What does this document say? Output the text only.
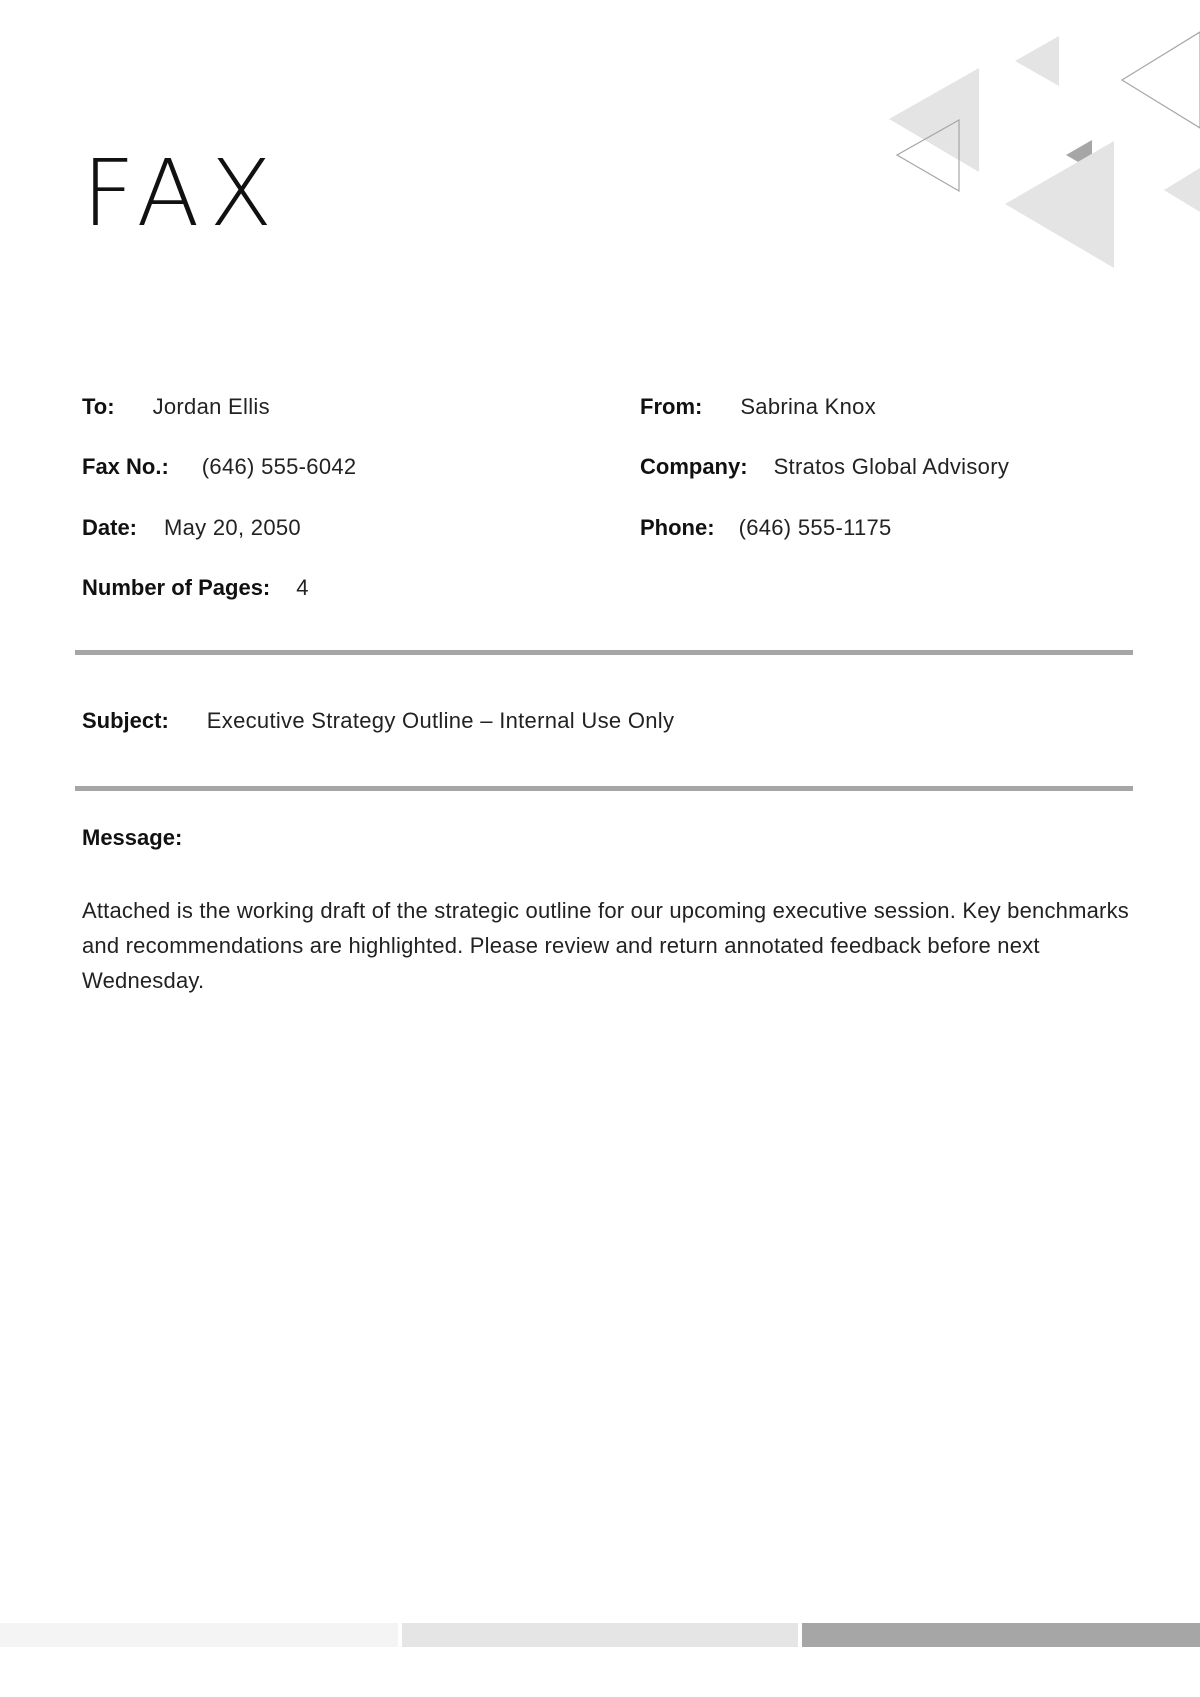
FAX
To: Jordan Ellis
Fax No.: (646) 555-6042
Date: May 20, 2050
Number of Pages: 4
From: Sabrina Knox
Company: Stratos Global Advisory
Phone: (646) 555-1175
Subject: Executive Strategy Outline – Internal Use Only
Message:

Attached is the working draft of the strategic outline for our upcoming executive session. Key benchmarks and recommendations are highlighted. Please review and return annotated feedback before next Wednesday.
